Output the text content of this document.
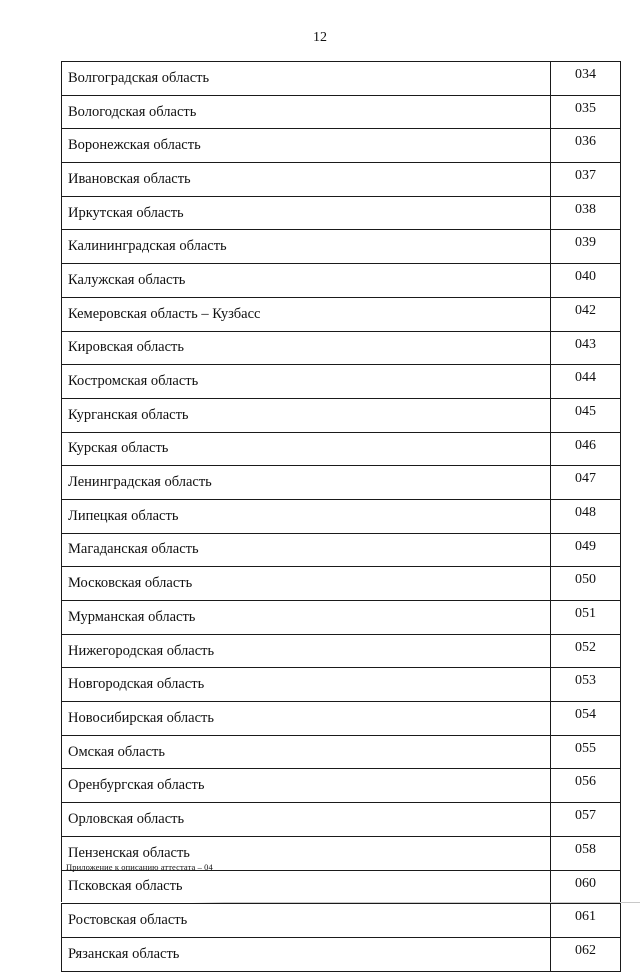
12
Волгоградская область	034
Вологодская область	035
Воронежская область	036
Ивановская область	037
Иркутская область	038
Калининградская область	039
Калужская область	040
Кемеровская область – Кузбасс	042
Кировская область	043
Костромская область	044
Курганская область	045
Курская область	046
Ленинградская область	047
Липецкая область	048
Магаданская область	049
Московская область	050
Мурманская область	051
Нижегородская область	052
Новгородская область	053
Новосибирская область	054
Омская область	055
Оренбургская область	056
Орловская область	057
Пензенская область	058
Псковская область	060
Ростовская область	061
Рязанская область	062
Приложение к описанию аттестата – 04
